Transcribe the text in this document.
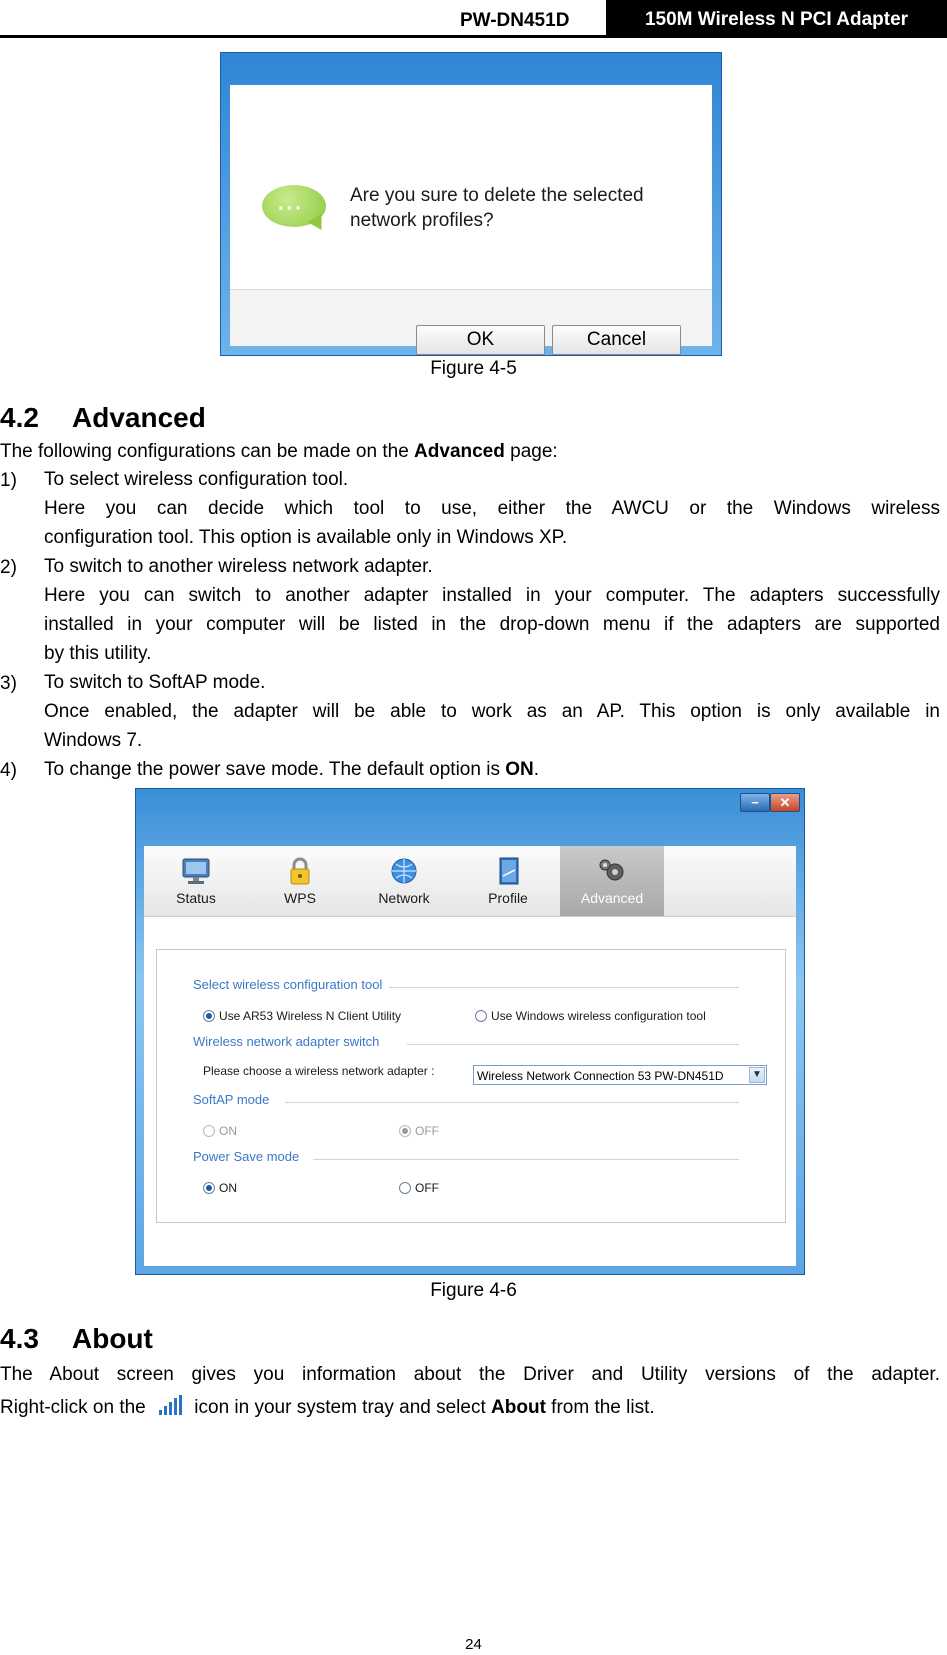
PW-DN451D	150M Wireless N PCI Adapter
···
Are you sure to delete the selected
network profiles?
OK	Cancel
Figure 4-5
4.2 Advanced
The following configurations can be made on the Advanced page:
1) To select wireless configuration tool.
Here you can decide which tool to use, either the AWCU or the Windows wireless
configuration tool. This option is available only in Windows XP.
2) To switch to another wireless network adapter.
Here you can switch to another adapter installed in your computer. The adapters successfully
installed in your computer will be listed in the drop-down menu if the adapters are supported
by this utility.
3) To switch to SoftAP mode.
Once enabled, the adapter will be able to work as an AP. This option is only available in
Windows 7.
4) To change the power save mode. The default option is ON.
−	✕
Status	WPS	Network	Profile	Advanced
Select wireless configuration tool
Use AR53 Wireless N Client Utility	Use Windows wireless configuration tool
Wireless network adapter switch
Please choose a wireless network adapter :	Wireless Network Connection 53 PW-DN451D	▼
SoftAP mode
ON	OFF
Power Save mode
ON	OFF
Figure 4-6
4.3 About
The About screen gives you information about the Driver and Utility versions of the adapter.
Right-click on the
icon in your system tray and select About from the list.
24
